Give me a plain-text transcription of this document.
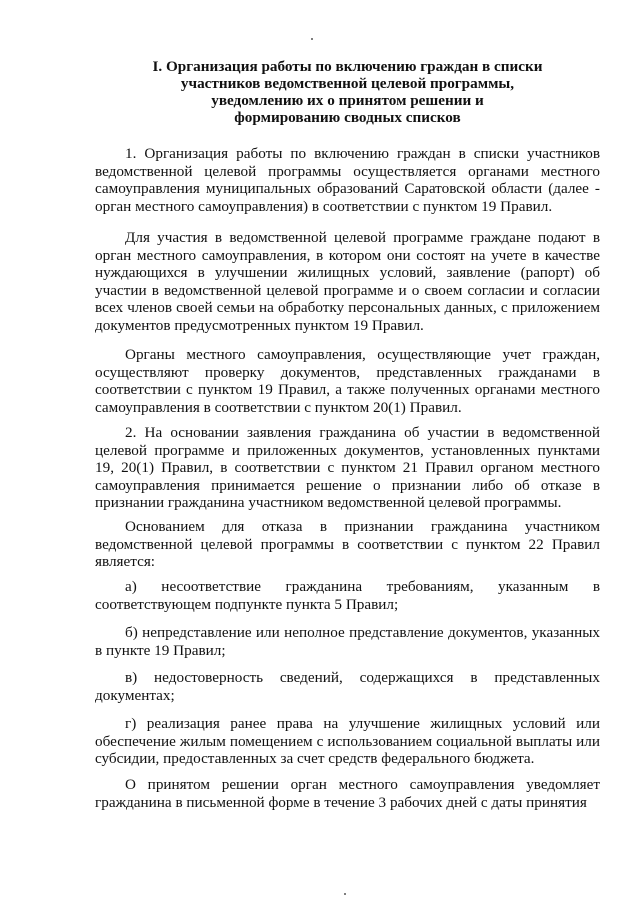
I. Организация работы по включению граждан в списки
участников ведомственной целевой программы,
уведомлению их о принятом решении и
формированию сводных списков

1. Организация работы по включению граждан в списки участников ведомственной целевой программы осуществляется органами местного самоуправления муниципальных образований Саратовской области (далее - орган местного самоуправления) в соответствии с пунктом 19 Правил.

Для участия в ведомственной целевой программе граждане подают в орган местного самоуправления, в котором они состоят на учете в качестве нуждающихся в улучшении жилищных условий, заявление (рапорт) об участии в ведомственной целевой программе и о своем согласии и согласии всех членов своей семьи на обработку персональных данных, с приложением документов предусмотренных пунктом 19 Правил.

Органы местного самоуправления, осуществляющие учет граждан, осуществляют проверку документов, представленных гражданами в соответствии с пунктом 19 Правил, а также полученных органами местного самоуправления в соответствии с пунктом 20(1) Правил.

2. На основании заявления гражданина об участии в ведомственной целевой программе и приложенных документов, установленных пунктами 19, 20(1) Правил, в соответствии с пунктом 21 Правил органом местного самоуправления принимается решение о признании либо об отказе в признании гражданина участником ведомственной целевой программы.

Основанием для отказа в признании гражданина участником ведомственной целевой программы в соответствии с пунктом 22 Правил является:

а) несоответствие гражданина требованиям, указанным в соответствующем подпункте пункта 5 Правил;

б) непредставление или неполное представление документов, указанных в пункте 19 Правил;

в) недостоверность сведений, содержащихся в представленных документах;

г) реализация ранее права на улучшение жилищных условий или обеспечение жилым помещением с использованием социальной выплаты или субсидии, предоставленных за счет средств федерального бюджета.

О принятом решении орган местного самоуправления уведомляет гражданина в письменной форме в течение 3 рабочих дней с даты принятия
